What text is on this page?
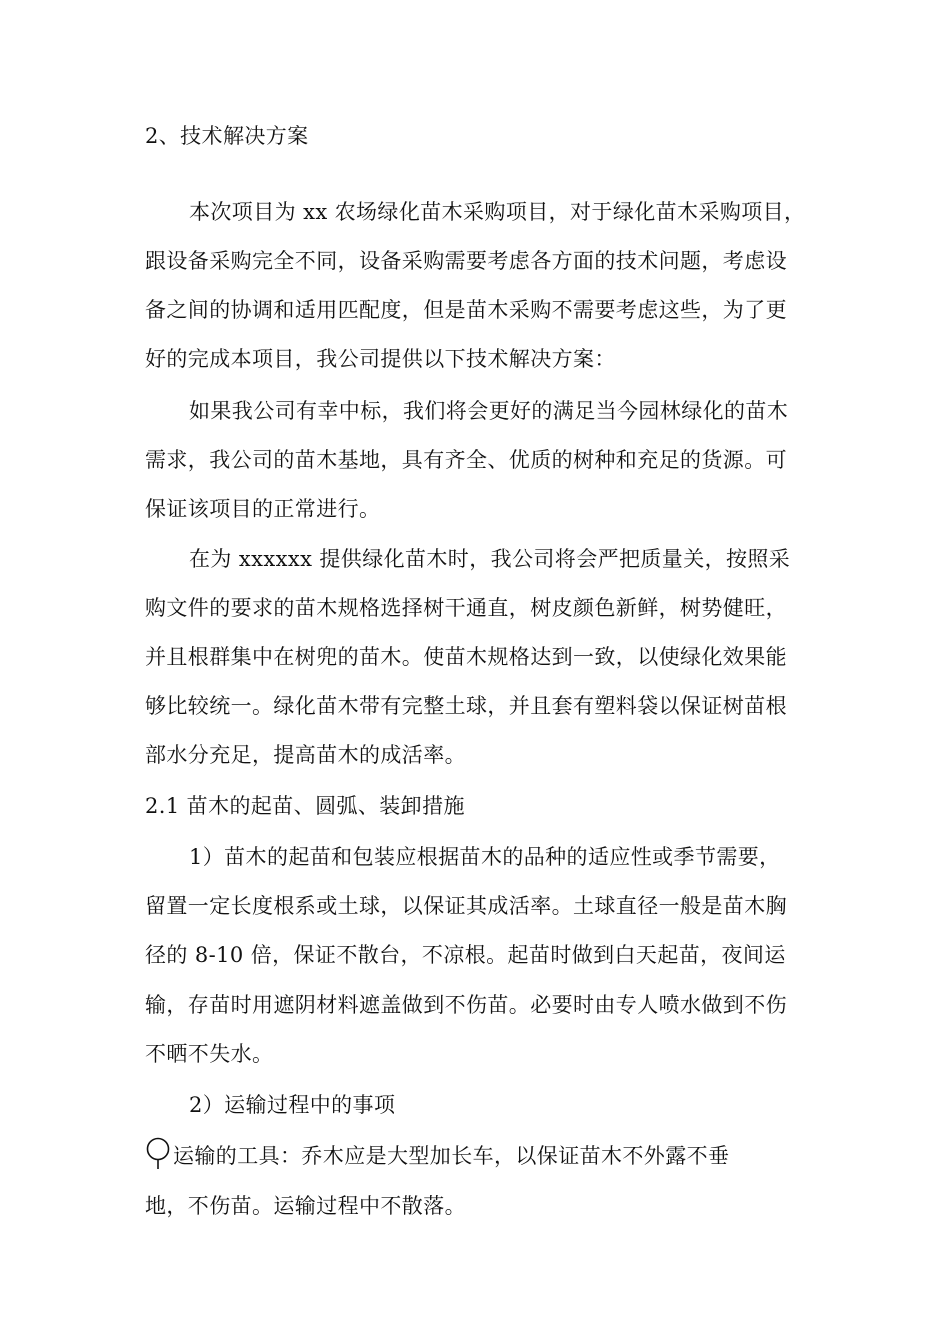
2、技术解决方案
本次项目为 xx 农场绿化苗木采购项目，对于绿化苗木采购项目，
跟设备采购完全不同，设备采购需要考虑各方面的技术问题，考虑设
备之间的协调和适用匹配度，但是苗木采购不需要考虑这些，为了更
好的完成本项目，我公司提供以下技术解决方案：
如果我公司有幸中标，我们将会更好的满足当今园林绿化的苗木
需求，我公司的苗木基地，具有齐全、优质的树种和充足的货源。可
保证该项目的正常进行。
在为 xxxxxx 提供绿化苗木时，我公司将会严把质量关，按照采
购文件的要求的苗木规格选择树干通直，树皮颜色新鲜，树势健旺，
并且根群集中在树兜的苗木。使苗木规格达到一致，以使绿化效果能
够比较统一。绿化苗木带有完整土球，并且套有塑料袋以保证树苗根
部水分充足，提高苗木的成活率。
2.1 苗木的起苗、圆弧、装卸措施
1）苗木的起苗和包装应根据苗木的品种的适应性或季节需要，
留置一定长度根系或土球，以保证其成活率。土球直径一般是苗木胸
径的 8-10 倍，保证不散台，不凉根。起苗时做到白天起苗，夜间运
输，存苗时用遮阴材料遮盖做到不伤苗。必要时由专人喷水做到不伤
不晒不失水。
2）运输过程中的事项
运输的工具：乔木应是大型加长车，以保证苗木不外露不垂
地，不伤苗。运输过程中不散落。
